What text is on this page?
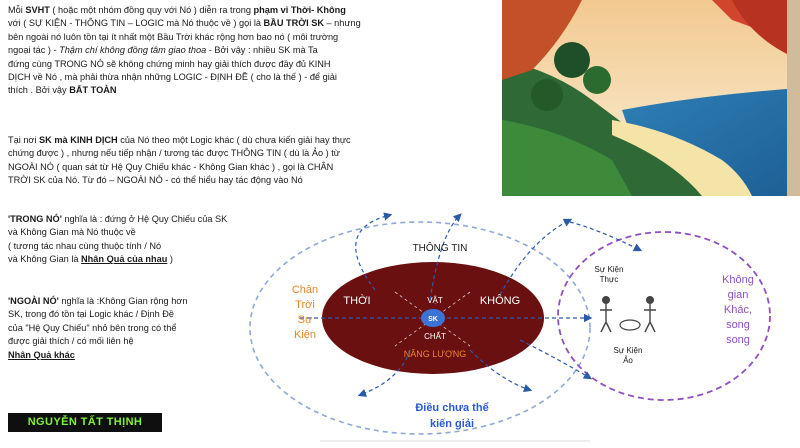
Mỗi SVHT ( hoặc một nhóm đồng quy với Nó ) diễn ra trong phạm vi Thời- Không
với ( SỰ KIỆN - THÔNG TIN – LOGIC mà Nó thuộc về ) gọi là BẦU TRỜI SK – nhưng
bên ngoài nó luôn tồn tại ít nhất một Bầu Trời khác rộng hơn bao nó ( môi trường
ngoại tác ) - Thậm chí không đồng tâm giao thoa - Bởi vậy : nhiều SK mà Ta
đứng cùng TRONG NÓ sẽ không chứng minh hay giải thích được đầy đủ KINH
DỊCH về Nó , mà phải thừa nhận những LOGIC - ĐỊNH ĐỀ ( cho là thế ) - để giải
thích . Bởi vậy BẤT TOÀN

Tại nơi SK mà KINH DỊCH của Nó theo một Logic khác ( dù chưa kiến giải hay thực
chứng được ) , nhưng nếu tiếp nhận / tương tác được THÔNG TIN ( dù là Ảo ) từ
NGOÀI NÓ ( quan sát từ Hệ Quy Chiếu khác - Không Gian khác ) , gọi là CHÂN
TRỜI SK của Nó. Từ đó – NGOÀI NÓ - có thể hiểu hay tác động vào Nó

'TRONG NÓ' nghĩa là : đứng ở Hệ Quy Chiếu của SK
và Không Gian mà Nó thuộc về
( tương tác nhau cùng thuộc tính / Nó
và Không Gian là Nhân Quả của nhau )

'NGOÀI NÓ' nghĩa là :Không Gian rộng hơn
SK, trong đó tồn tại Logic khác / Định Đề
của "Hệ Quy Chiếu" nhỏ bên trong có thể
được giải thích / có mối liên hệ
Nhân Quả khác

SK
THỜI	KHÔNG
VẬT
CHẤT
NĂNG LƯỢNG
THÔNG TIN
Chân
Trời
Sự
Kiện
Sự Kiện
Thực
Sự Kiện
Ảo
Không
gian
Khác,
song
song
Điều chưa thể
kiến giải
NGUYỄN TẤT THỊNH
